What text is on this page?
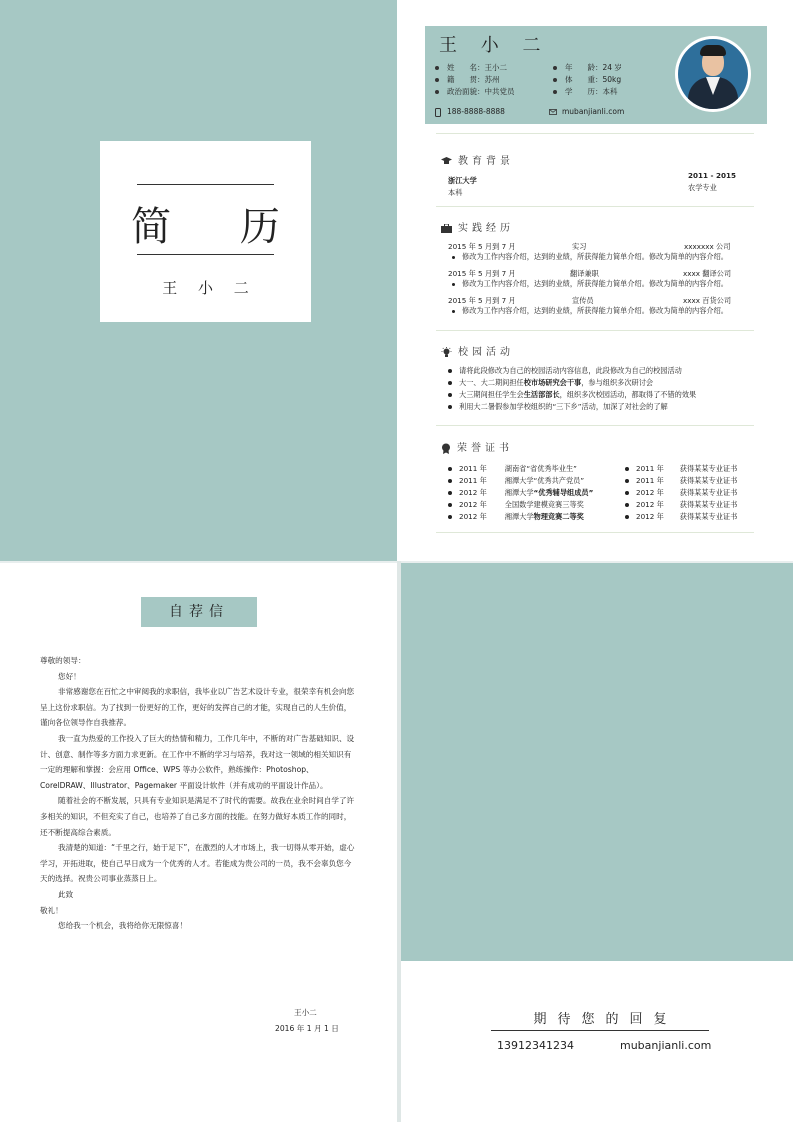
简 历
王 小 二
王 小 二
姓　　名：王小二
籍　　贯：苏州
政治面貌：中共党员
年　　龄：24 岁
体　　重：50kg
学　　历：本科
188-8888-8888	mubanjianli.com
教育背景
浙江大学
本科
2011 - 2015
农学专业
实践经历
2015 年 5 月到 7 月	实习	xxxxxxx 公司
修改为工作内容介绍，达到的业绩，所获得能力简单介绍。修改为简单的内容介绍。
2015 年 5 月到 7 月	翻译兼职	xxxx 翻译公司
修改为工作内容介绍，达到的业绩，所获得能力简单介绍。修改为简单的内容介绍。
2015 年 5 月到 7 月	宣传员	xxxx 百货公司
修改为工作内容介绍，达到的业绩，所获得能力简单介绍。修改为简单的内容介绍。
校园活动
请将此段修改为自己的校园活动内容信息，此段修改为自己的校园活动
大一、大二期间担任校市场研究会干事，参与组织多次研讨会
大三期间担任学生会生活部部长，组织多次校园活动，都取得了不错的效果
利用大二暑假参加学校组织的“三下乡”活动，加深了对社会的了解
荣誉证书
2011 年	湖南省“省优秀毕业生”
2011 年	湘潭大学“优秀共产党员”
2012 年	湘潭大学“优秀辅导组成员”
2012 年	全国数学建模竞赛三等奖
2012 年	湘潭大学物理竞赛二等奖
2011 年 获得某某专业证书
2011 年 获得某某专业证书
2012 年 获得某某专业证书
2012 年 获得某某专业证书
2012 年 获得某某专业证书
自荐信

尊敬的领导：

您好！

非常感谢您在百忙之中审阅我的求职信，我毕业以广告艺术设计专业，很荣幸有机会向您呈上这份求职信。为了找到一份更好的工作，更好的发挥自己的才能，实现自己的人生价值，谨向各位领导作自我推荐。

我一直为热爱的工作投入了巨大的热情和精力，工作几年中，不断的对广告基础知识、设计、创意、制作等多方面力求更新。在工作中不断的学习与培养，我对这一领域的相关知识有一定的理解和掌握：会应用 Office、WPS 等办公软件，熟练操作：Photoshop、CorelDRAW、Illustrator、Pagemaker 平面设计软件（并有成功的平面设计作品）。

随着社会的不断发展，只具有专业知识是满足不了时代的需要。故我在业余时间自学了许多相关的知识，不但充实了自己，也培养了自己多方面的技能。在努力做好本质工作的同时，还不断提高综合素质。

我清楚的知道：“千里之行，始于足下”，在激烈的人才市场上，我一切得从零开始，虚心学习，开拓进取，使自己早日成为一个优秀的人才。若能成为贵公司的一员，我不会辜负您今天的选择。祝贵公司事业蒸蒸日上。

此致

敬礼！

您给我一个机会，我将给你无限惊喜！

王小二
2016 年 1 月 1 日
期待您的回复
13912341234	mubanjianli.com
